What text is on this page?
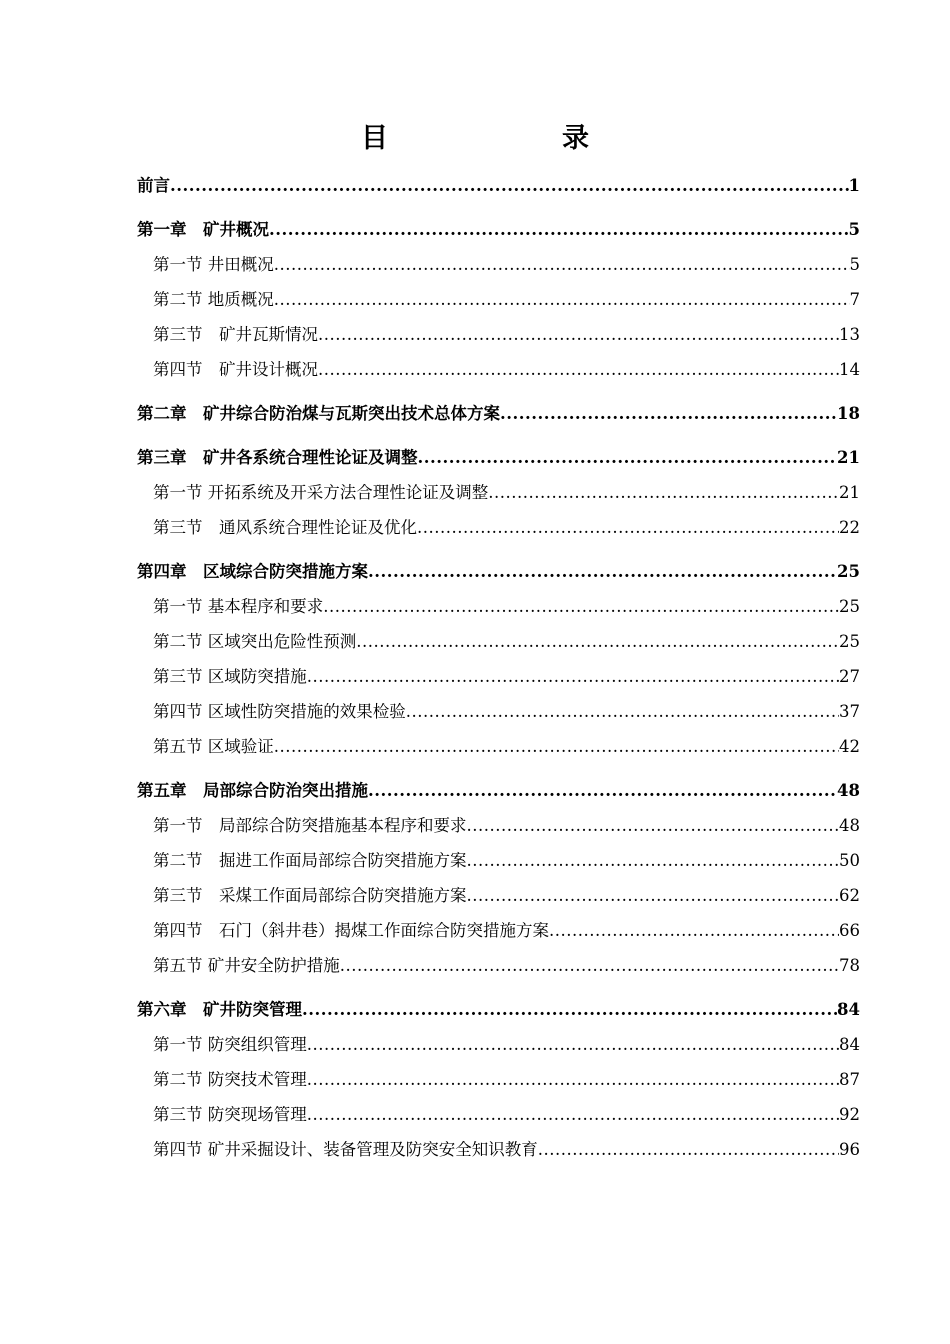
目　　录
前言 .....	1
第一章　矿井概况 .....	5
第一节 井田概况 .....	5
第二节 地质概况 .....	7
第三节　矿井瓦斯情况 .....	13
第四节　矿井设计概况 .....	14
第二章　矿井综合防治煤与瓦斯突出技术总体方案 .....	18
第三章　矿井各系统合理性论证及调整 .....	21
第一节 开拓系统及开采方法合理性论证及调整 .....	21
第三节　通风系统合理性论证及优化 .....	22
第四章　区域综合防突措施方案 .....	25
第一节 基本程序和要求 .....	25
第二节 区域突出危险性预测 .....	25
第三节 区域防突措施 .....	27
第四节 区域性防突措施的效果检验 .....	37
第五节 区域验证 .....	42
第五章　局部综合防治突出措施 .....	48
第一节　局部综合防突措施基本程序和要求 .....	48
第二节　掘进工作面局部综合防突措施方案 .....	50
第三节　采煤工作面局部综合防突措施方案 .....	62
第四节　石门（斜井巷）揭煤工作面综合防突措施方案 .....	66
第五节 矿井安全防护措施 .....	78
第六章　矿井防突管理 .....	84
第一节 防突组织管理 .....	84
第二节 防突技术管理 .....	87
第三节 防突现场管理 .....	92
第四节 矿井采掘设计、装备管理及防突安全知识教育 .....	96
